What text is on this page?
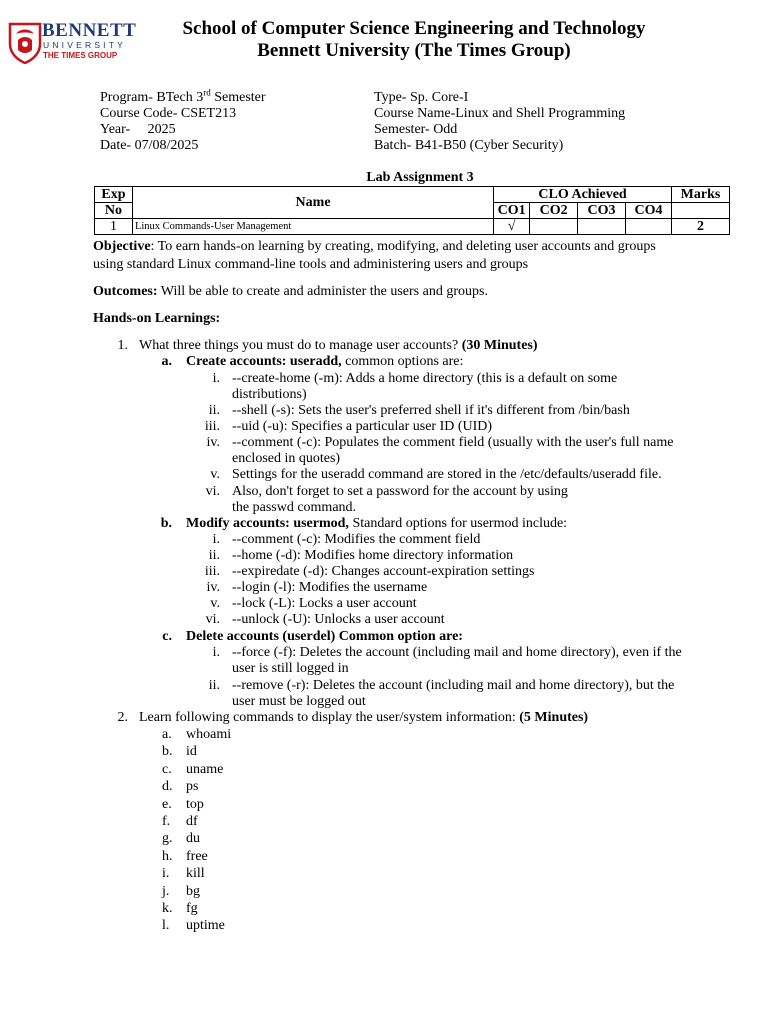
BENNETT
UNIVERSITY
THE TIMES GROUP
School of Computer Science Engineering and Technology
Bennett University (The Times Group)
Program- BTech 3rd Semester
Course Code- CSET213
Year-     2025
Date- 07/08/2025
Type- Sp. Core-I
Course Name-Linux and Shell Programming
Semester- Odd
Batch- B41-B50 (Cyber Security)
Lab Assignment 3
Exp	Name	CLO Achieved				Marks
No		CO1	CO2	CO3	CO4	
1	Linux Commands-User Management	√				2
Objective: To earn hands-on learning by creating, modifying, and deleting user accounts and groups
using standard Linux command-line tools and administering users and groups
Outcomes: Will be able to create and administer the users and groups.
Hands-on Learnings:
1. What three things you must do to manage user accounts? (30 Minutes)
a. Create accounts: useradd, common options are:
i. --create-home (-m): Adds a home directory (this is a default on some
distributions)
ii. --shell (-s): Sets the user's preferred shell if it's different from /bin/bash
iii. --uid (-u): Specifies a particular user ID (UID)
iv. --comment (-c): Populates the comment field (usually with the user's full name
enclosed in quotes)
v. Settings for the useradd command are stored in the /etc/defaults/useradd file.
vi. Also, don't forget to set a password for the account by using
the passwd command.
b. Modify accounts: usermod, Standard options for usermod include:
i. --comment (-c): Modifies the comment field
ii. --home (-d): Modifies home directory information
iii. --expiredate (-d): Changes account-expiration settings
iv. --login (-l): Modifies the username
v. --lock (-L): Locks a user account
vi. --unlock (-U): Unlocks a user account
c. Delete accounts (userdel) Common option are:
i. --force (-f): Deletes the account (including mail and home directory), even if the
user is still logged in
ii. --remove (-r): Deletes the account (including mail and home directory), but the
user must be logged out
2. Learn following commands to display the user/system information: (5 Minutes)
a. whoami
b. id
c. uname
d. ps
e. top
f. df
g. du
h. free
i. kill
j. bg
k. fg
l. uptime
